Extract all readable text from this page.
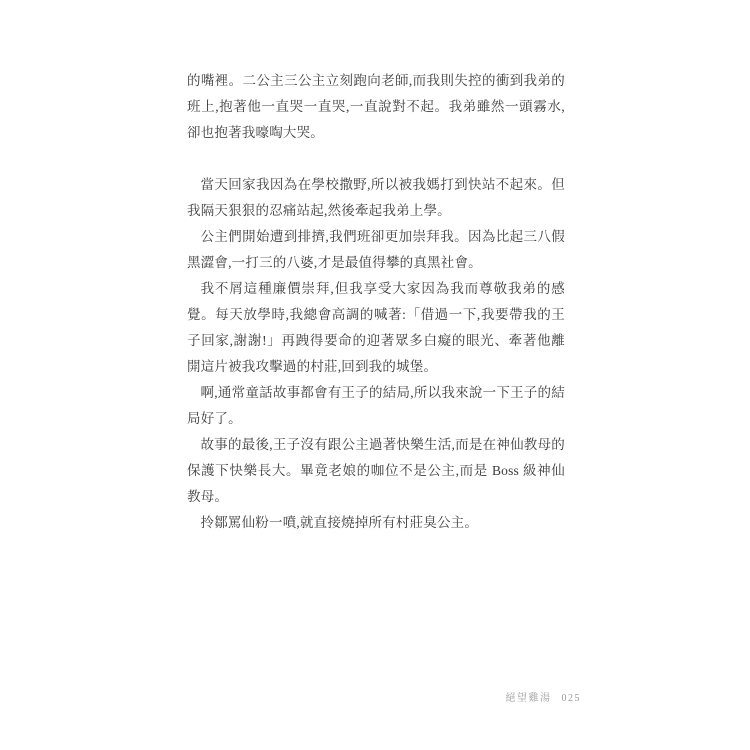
的嘴裡。二公主三公主立刻跑向老師,而我則失控的衝到我弟的班上,抱著他一直哭一直哭,一直說對不起。我弟雖然一頭霧水,卻也抱著我嚎啕大哭。

當天回家我因為在學校撒野,所以被我媽打到快站不起來。但我隔天狠狠的忍痛站起,然後牽起我弟上學。

公主們開始遭到排擠,我們班卻更加崇拜我。因為比起三八假黑澀會,一打三的八婆,才是最值得攀的真黑社會。

我不屑這種廉價崇拜,但我享受大家因為我而尊敬我弟的感覺。每天放學時,我總會高調的喊著:「借過一下,我要帶我的王子回家,謝謝!」再跩得要命的迎著眾多白癡的眼光、牽著他離開這片被我攻擊過的村莊,回到我的城堡。

啊,通常童話故事都會有王子的結局,所以我來說一下王子的結局好了。

故事的最後,王子沒有跟公主過著快樂生活,而是在神仙教母的保護下快樂長大。畢竟老娘的咖位不是公主,而是 Boss 級神仙教母。

拎鄒罵仙粉一噴,就直接燒掉所有村莊臭公主。

絕望雞湯 025
